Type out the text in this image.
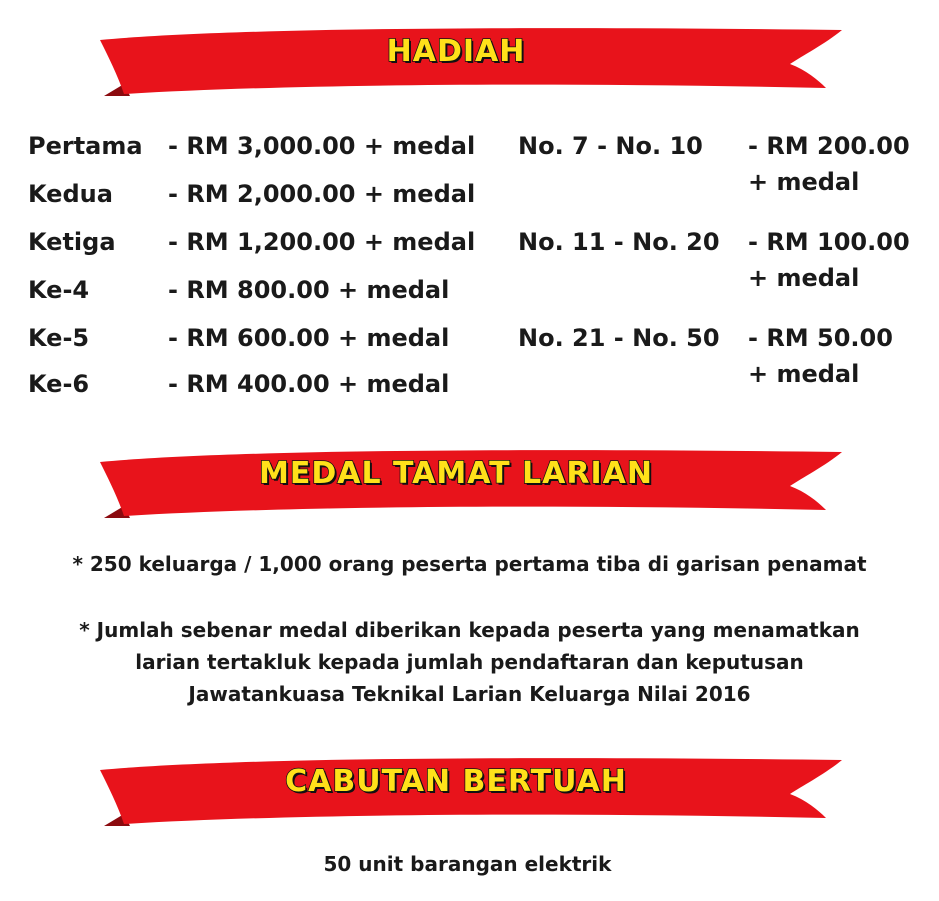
HADIAH
Pertama - RM 3,000.00 + medal
Kedua - RM 2,000.00 + medal
Ketiga - RM 1,200.00 + medal
Ke-4	- RM 800.00 + medal
Ke-5	- RM 600.00 + medal
Ke-6	- RM 400.00 + medal
No. 7 - No. 10 - RM 200.00
+ medal
No. 11 - No. 20 - RM 100.00
+ medal
No. 21 - No. 50 - RM 50.00
+ medal
MEDAL TAMAT LARIAN
* 250 keluarga / 1,000 orang peserta pertama tiba di garisan penamat
* Jumlah sebenar medal diberikan kepada peserta yang menamatkan
larian tertakluk kepada jumlah pendaftaran dan keputusan
Jawatankuasa Teknikal Larian Keluarga Nilai 2016
CABUTAN BERTUAH
50 unit barangan elektrik
